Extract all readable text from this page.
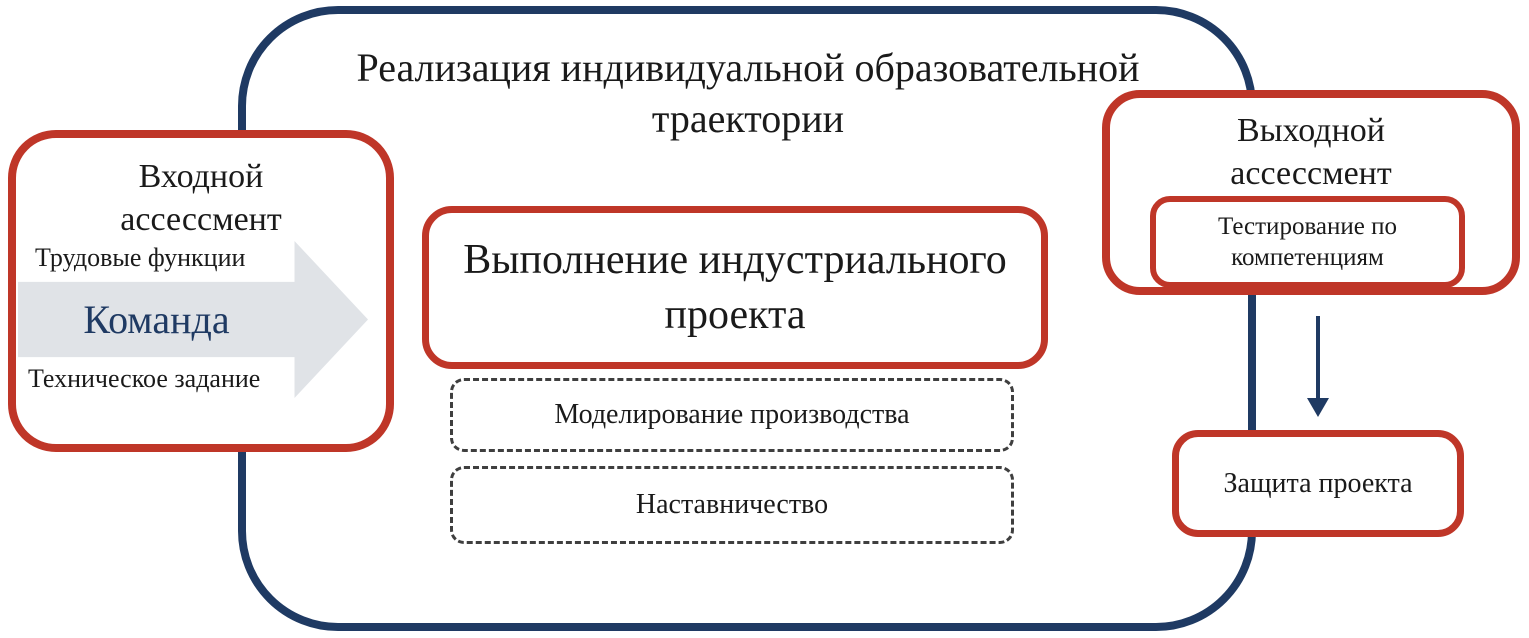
Реализация индивидуальной образовательной траектории
Входной ассессмент
Трудовые функции
Команда
Техническое задание
Выполнение индустриального проекта
Моделирование производства
Наставничество
Выходной ассессмент
Тестирование по компетенциям
Защита проекта
